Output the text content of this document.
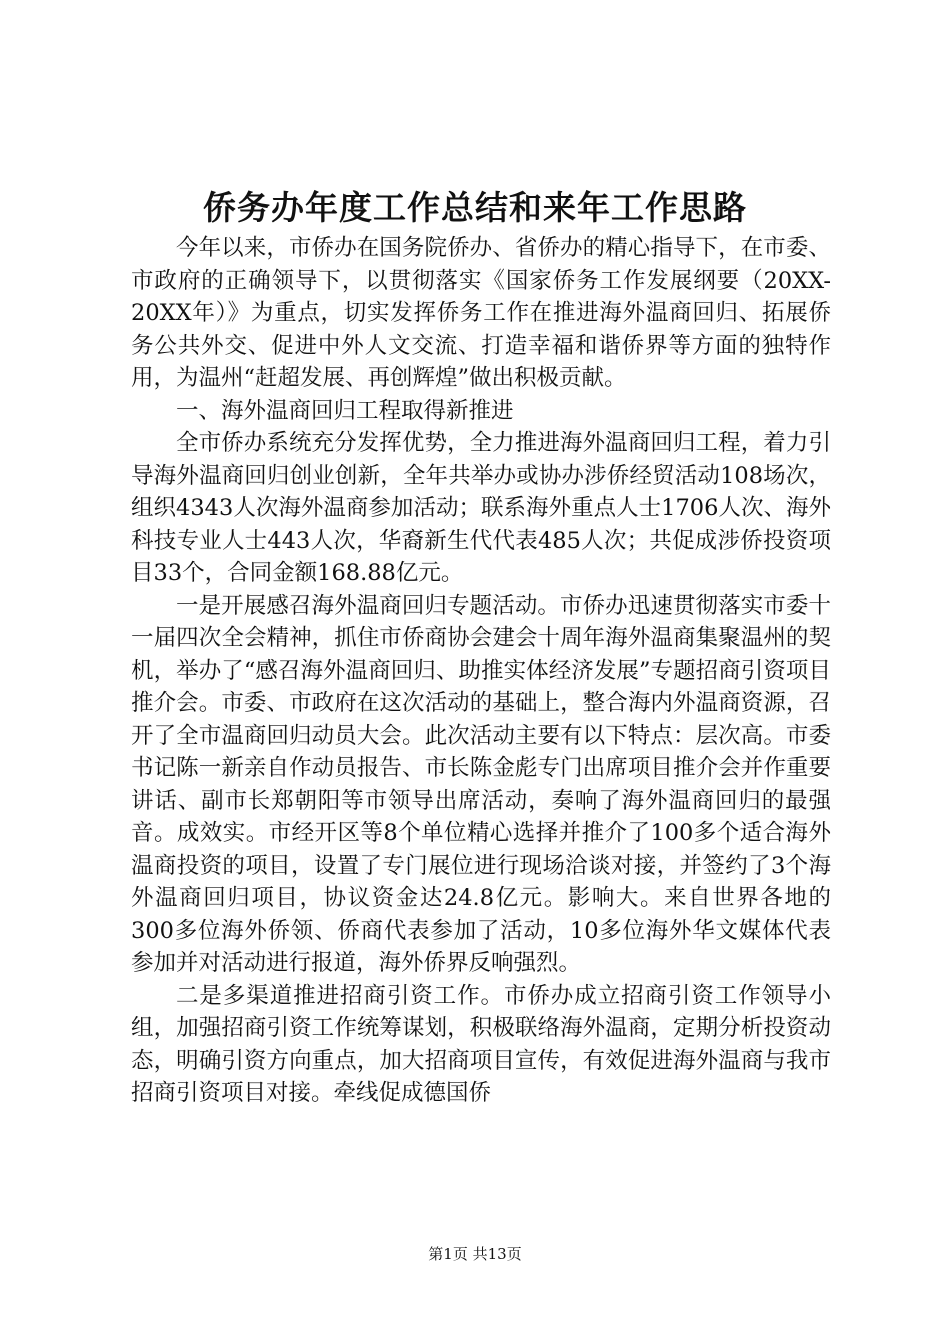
侨务办年度工作总结和来年工作思路

今年以来，市侨办在国务院侨办、省侨办的精心指导下，在市委、市政府的正确领导下，以贯彻落实《国家侨务工作发展纲要（20XX-20XX年）》为重点，切实发挥侨务工作在推进海外温商回归、拓展侨务公共外交、促进中外人文交流、打造幸福和谐侨界等方面的独特作用，为温州“赶超发展、再创辉煌”做出积极贡献。

一、海外温商回归工程取得新推进

全市侨办系统充分发挥优势，全力推进海外温商回归工程，着力引导海外温商回归创业创新，全年共举办或协办涉侨经贸活动108场次，组织4343人次海外温商参加活动；联系海外重点人士1706人次、海外科技专业人士443人次，华裔新生代代表485人次；共促成涉侨投资项目33个，合同金额168.88亿元。

一是开展感召海外温商回归专题活动。市侨办迅速贯彻落实市委十一届四次全会精神，抓住市侨商协会建会十周年海外温商集聚温州的契机，举办了“感召海外温商回归、助推实体经济发展”专题招商引资项目推介会。市委、市政府在这次活动的基础上，整合海内外温商资源，召开了全市温商回归动员大会。此次活动主要有以下特点：层次高。市委书记陈一新亲自作动员报告、市长陈金彪专门出席项目推介会并作重要讲话、副市长郑朝阳等市领导出席活动，奏响了海外温商回归的最强音。成效实。市经开区等8个单位精心选择并推介了100多个适合海外温商投资的项目，设置了专门展位进行现场洽谈对接，并签约了3个海外温商回归项目，协议资金达24.8亿元。影响大。来自世界各地的300多位海外侨领、侨商代表参加了活动，10多位海外华文媒体代表参加并对活动进行报道，海外侨界反响强烈。

二是多渠道推进招商引资工作。市侨办成立招商引资工作领导小组，加强招商引资工作统筹谋划，积极联络海外温商，定期分析投资动态，明确引资方向重点，加大招商项目宣传，有效促进海外温商与我市招商引资项目对接。牵线促成德国侨

第1页 共13页
